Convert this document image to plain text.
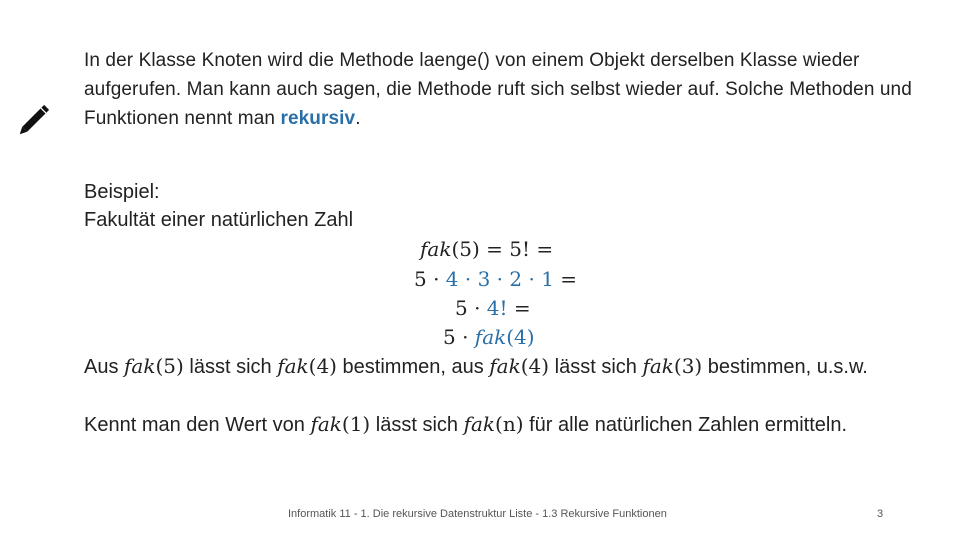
In der Klasse Knoten wird die Methode laenge() von einem Objekt derselben Klasse wieder aufgerufen. Man kann auch sagen, die Methode ruft sich selbst wieder auf. Solche Methoden und Funktionen nennt man rekursiv.
Beispiel:
Fakultät einer natürlichen Zahl
fak(5) = 5! =
5 · 4 · 3 · 2 · 1 =
5 · 4! =
5 · fak(4)
Aus fak(5) lässt sich fak(4) bestimmen, aus fak(4) lässt sich fak(3) bestimmen, u.s.w.
Kennt man den Wert von fak(1) lässt sich fak(n) für alle natürlichen Zahlen ermitteln.
Informatik 11 - 1. Die rekursive Datenstruktur Liste - 1.3 Rekursive Funktionen	3
